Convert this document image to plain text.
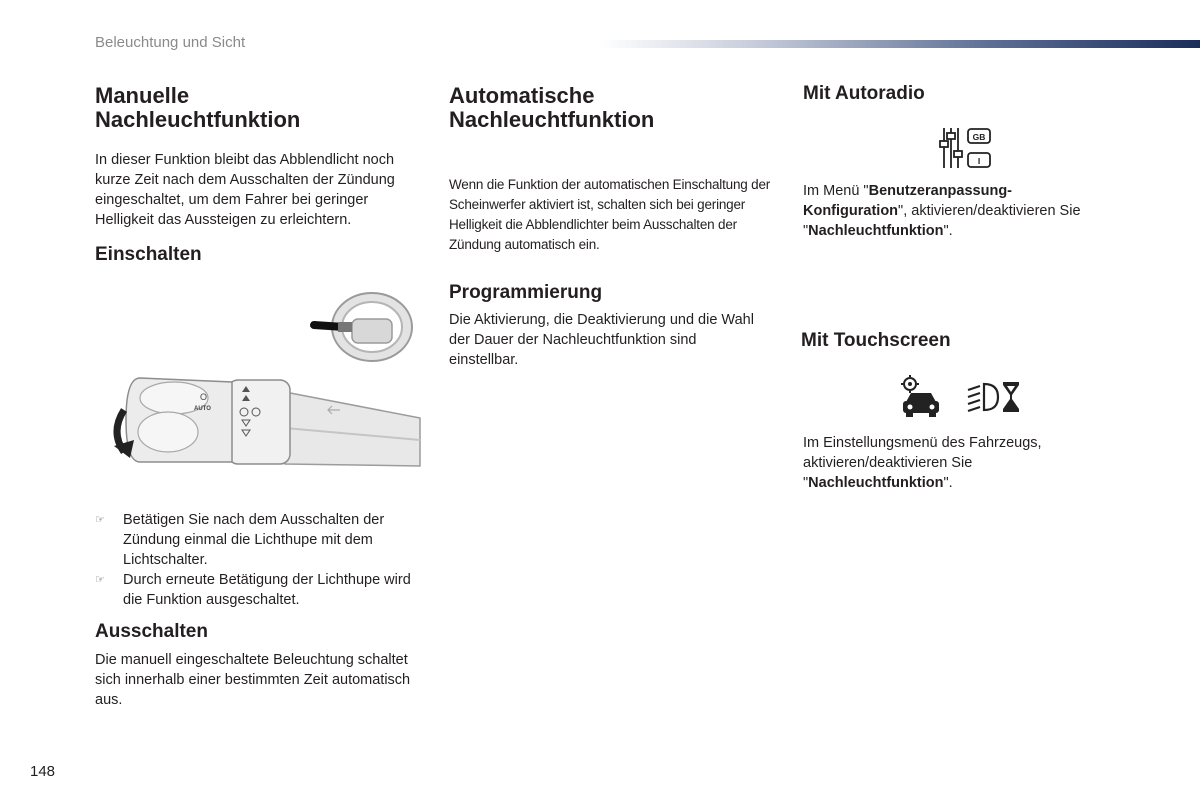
Beleuchtung und Sicht
Manuelle Nachleuchtfunktion

In dieser Funktion bleibt das Abblendlicht noch kurze Zeit nach dem Ausschalten der Zündung eingeschaltet, um dem Fahrer bei geringer Helligkeit das Aussteigen zu erleichtern.

Einschalten
O
AUTO
☞	Betätigen Sie nach dem Ausschalten der Zündung einmal die Lichthupe mit dem Lichtschalter.
☞	Durch erneute Betätigung der Lichthupe wird die Funktion ausgeschaltet.
Ausschalten

Die manuell eingeschaltete Beleuchtung schaltet sich innerhalb einer bestimmten Zeit automatisch aus.

Automatische Nachleuchtfunktion

Wenn die Funktion der automatischen Einschaltung der Scheinwerfer aktiviert ist, schalten sich bei geringer Helligkeit die Abblendlichter beim Ausschalten der Zündung automatisch ein.

Programmierung

Die Aktivierung, die Deaktivierung und die Wahl der Dauer der Nachleuchtfunktion sind einstellbar.

Mit Autoradio
GB
I

Im Menü "Benutzeranpassung-Konfiguration", aktivieren/deaktivieren Sie "Nachleuchtfunktion".

Mit Touchscreen

Im Einstellungsmenü des Fahrzeugs, aktivieren/deaktivieren Sie "Nachleuchtfunktion".

148
